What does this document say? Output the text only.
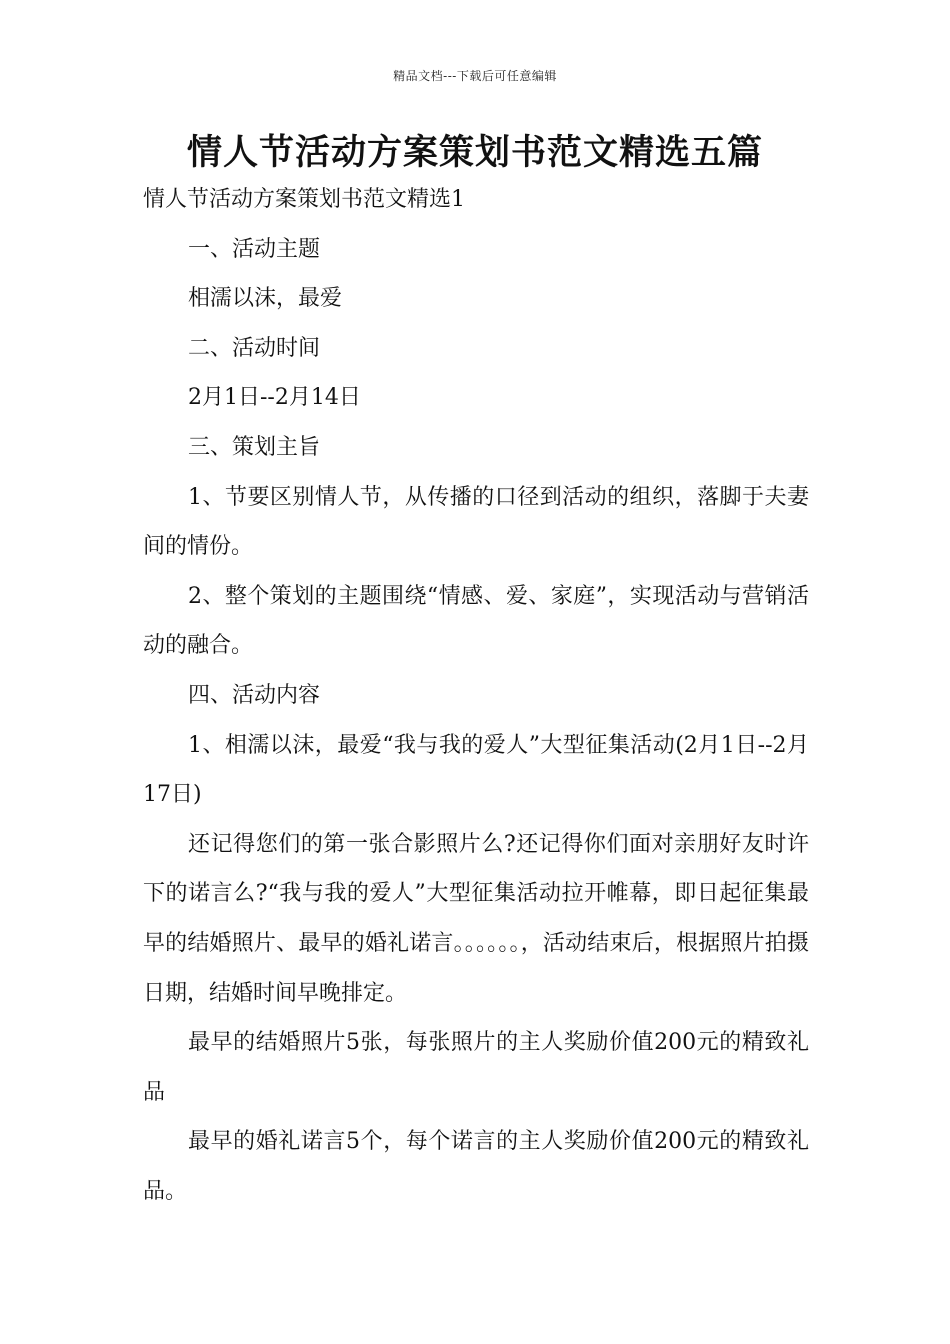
精品文档---下载后可任意编辑
情人节活动方案策划书范文精选五篇

情人节活动方案策划书范文精选1

一、活动主题

相濡以沫，最爱

二、活动时间

2月1日--2月14日

三、策划主旨

1、节要区别情人节，从传播的口径到活动的组织，落脚于夫妻间的情份。

2、整个策划的主题围绕“情感、爱、家庭”，实现活动与营销活动的融合。

四、活动内容

1、相濡以沫，最爱“我与我的爱人”大型征集活动(2月1日--2月17日)

还记得您们的第一张合影照片么?还记得你们面对亲朋好友时许下的诺言么?“我与我的爱人”大型征集活动拉开帷幕，即日起征集最早的结婚照片、最早的婚礼诺言。。。。。。，活动结束后，根据照片拍摄日期，结婚时间早晚排定。

最早的结婚照片5张，每张照片的主人奖励价值200元的精致礼品

最早的婚礼诺言5个，每个诺言的主人奖励价值200元的精致礼品。
